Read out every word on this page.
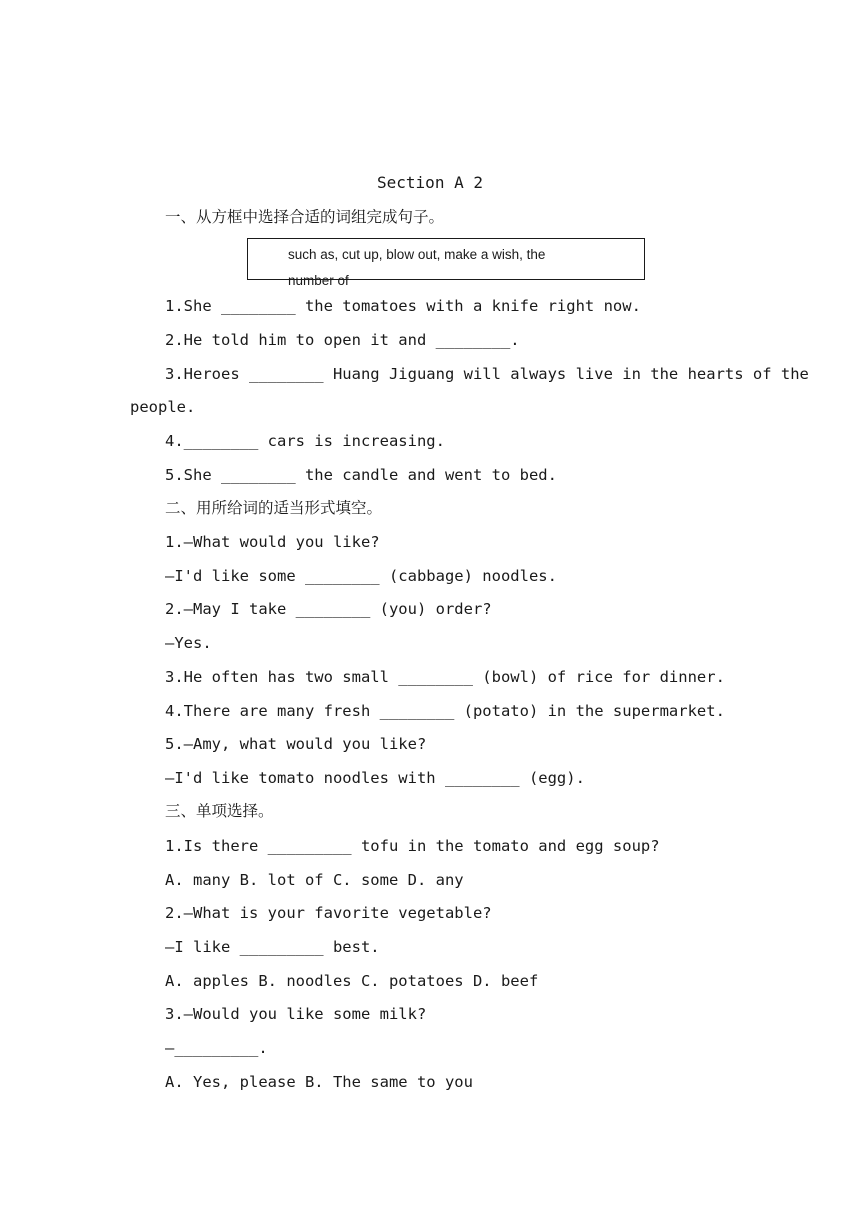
Section A 2
一、从方框中选择合适的词组完成句子。
such as, cut up, blow out, make a wish, the
number of
1.She ________ the tomatoes with a knife right now.
2.He told him to open it and ________.
3.Heroes ________ Huang Jiguang will always live in the hearts of the
people.
4.________ cars is increasing.
5.She ________ the candle and went to bed.
二、用所给词的适当形式填空。
1.—What would you like?
—I'd like some ________ (cabbage) noodles.
2.—May I take ________ (you) order?
—Yes.
3.He often has two small ________ (bowl) of rice for dinner.
4.There are many fresh ________ (potato) in the supermarket.
5.—Amy, what would you like?
—I'd like tomato noodles with ________ (egg).
三、单项选择。
1.Is there _________ tofu in the tomato and egg soup?
A. many B. lot of C. some D. any
2.—What is your favorite vegetable?
—I like _________ best.
A. apples B. noodles C. potatoes D. beef
3.—Would you like some milk?
—_________.
A. Yes, please B. The same to you
